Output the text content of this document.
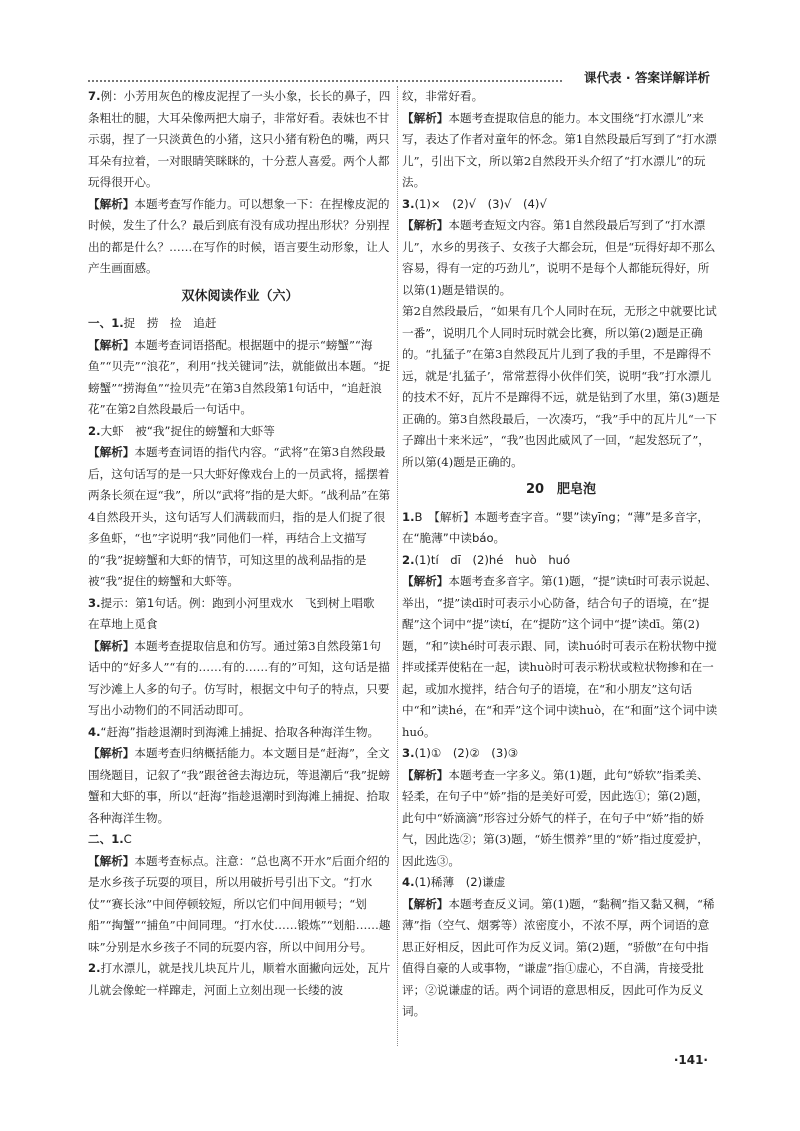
课代表 · 答案详解详析

7.例：小芳用灰色的橡皮泥捏了一头小象，长长的鼻子，四条粗壮的腿，大耳朵像两把大扇子，非常好看。表妹也不甘示弱，捏了一只淡黄色的小猪，这只小猪有粉色的嘴，两只耳朵有拉着，一对眼睛笑眯眯的，十分惹人喜爱。两个人都玩得很开心。

【解析】本题考查写作能力。可以想象一下：在捏橡皮泥的时候，发生了什么？最后到底有没有成功捏出形状？分别捏出的都是什么？……在写作的时候，语言要生动形象，让人产生画面感。

双休阅读作业（六）

一、1.捉　捞　捡　追赶

【解析】本题考查词语搭配。根据题中的提示“螃蟹”“海鱼”“贝壳”“浪花”，利用“找关键词”法，就能做出本题。“捉螃蟹”“捞海鱼”“捡贝壳”在第3自然段第1句话中，“追赶浪花”在第2自然段最后一句话中。

2.大虾　被“我”捉住的螃蟹和大虾等

【解析】本题考查词语的指代内容。“武将”在第3自然段最后，这句话写的是一只大虾好像戏台上的一员武将，摇摆着两条长须在逗“我”，所以“武将”指的是大虾。“战利品”在第4自然段开头，这句话写人们满载而归，指的是人们捉了很多鱼虾，“也”字说明“我”同他们一样，再结合上文描写的“我”捉螃蟹和大虾的情节，可知这里的战利品指的是被“我”捉住的螃蟹和大虾等。

3.提示：第1句话。例：跑到小河里戏水　飞到树上唱歌　在草地上觅食

【解析】本题考查提取信息和仿写。通过第3自然段第1句话中的“好多人”“有的……有的……有的”可知，这句话是描写沙滩上人多的句子。仿写时，根据文中句子的特点，只要写出小动物们的不同活动即可。

4.“赶海”指趁退潮时到海滩上捕捉、拾取各种海洋生物。

【解析】本题考查归纳概括能力。本文题目是“赶海”，全文围绕题目，记叙了“我”跟爸爸去海边玩，等退潮后“我”捉螃蟹和大虾的事，所以“赶海”指趁退潮时到海滩上捕捉、拾取各种海洋生物。

二、1.C

【解析】本题考查标点。注意：“总也离不开水”后面介绍的是水乡孩子玩耍的项目，所以用破折号引出下文。“打水仗”“赛长泳”中间停顿较短，所以它们中间用顿号；“划船”“掏蟹”“捕鱼”中间同理。“打水仗……锻炼”“划船……趣味”分别是水乡孩子不同的玩耍内容，所以中间用分号。

2.打水漂儿，就是找儿块瓦片儿，顺着水面撇向远处，瓦片儿就会像蛇一样蹿走，河面上立刻出现一长缕的波

纹，非常好看。

【解析】本题考查提取信息的能力。本文围绕“打水漂儿”来写，表达了作者对童年的怀念。第1自然段最后写到了“打水漂儿”，引出下文，所以第2自然段开头介绍了“打水漂儿”的玩法。

3.(1)×　(2)√　(3)√　(4)√

【解析】本题考查短文内容。第1自然段最后写到了“打水漂儿”，水乡的男孩子、女孩子大都会玩，但是“玩得好却不那么容易，得有一定的巧劲儿”，说明不是每个人都能玩得好，所以第(1)题是错误的。

第2自然段最后，“如果有几个人同时在玩，无形之中就要比试一番”，说明几个人同时玩时就会比赛，所以第(2)题是正确的。“扎猛子”在第3自然段瓦片儿到了我的手里，不是蹿得不远，就是‘扎猛子’，常常惹得小伙伴们笑，说明“我”打水漂儿的技术不好，瓦片不是蹿得不远，就是钻到了水里，第(3)题是正确的。第3自然段最后，一次凑巧，“我”手中的瓦片儿“一下子蹿出十来米远”，“我”也因此威风了一回，“起发怒玩了”，所以第(4)题是正确的。

20　肥皂泡

1.B　【解析】本题考查字音。“婴”读yīng；“薄”是多音字，在“脆薄”中读báo。

2.(1)tí　dī　(2)hé　huò　huó

【解析】本题考查多音字。第(1)题，“提”读tí时可表示说起、举出，“提”读dī时可表示小心防备，结合句子的语境，在“提醒”这个词中“提”读tí，在“提防”这个词中“提”读dī。第(2)题，“和”读hé时可表示跟、同，读huó时可表示在粉状物中搅拌或揉弄使粘在一起，读huò时可表示粉状或粒状物掺和在一起，或加水搅拌，结合句子的语境，在“和小朋友”这句话中“和”读hé，在“和弄”这个词中读huò，在“和面”这个词中读huó。

3.(1)①　(2)②　(3)③

【解析】本题考查一字多义。第(1)题，此句“娇软”指柔美、轻柔，在句子中“娇”指的是美好可爱，因此选①；第(2)题，此句中“娇滴滴”形容过分娇气的样子，在句子中“娇”指的娇气，因此选②；第(3)题，“娇生惯养”里的“娇”指过度爱护，因此选③。

4.(1)稀薄　(2)谦虚

【解析】本题考查反义词。第(1)题，“黏稠”指又黏又稠，“稀薄”指（空气、烟雾等）浓密度小，不浓不厚，两个词语的意思正好相反，因此可作为反义词。第(2)题，“骄傲”在句中指值得自豪的人或事物，“谦虚”指①虚心，不自满，肯接受批评；②说谦虚的话。两个词语的意思相反，因此可作为反义词。

·141·
